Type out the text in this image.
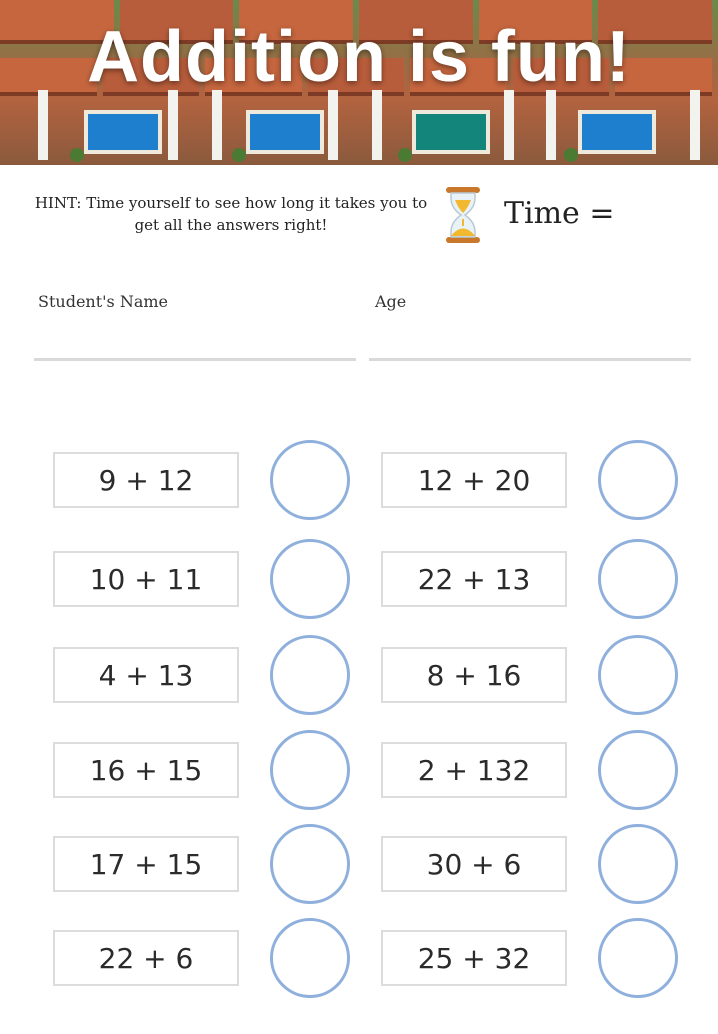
Addition is fun!
HINT: Time yourself to see how long it takes you to get all the answers right!	Time =
Student's Name	Age
9 + 12
10 + 11
4 + 13
16 + 15
17 + 15
22 + 6
12 + 20
22 + 13
8 + 16
2 + 132
30 + 6
25 + 32
